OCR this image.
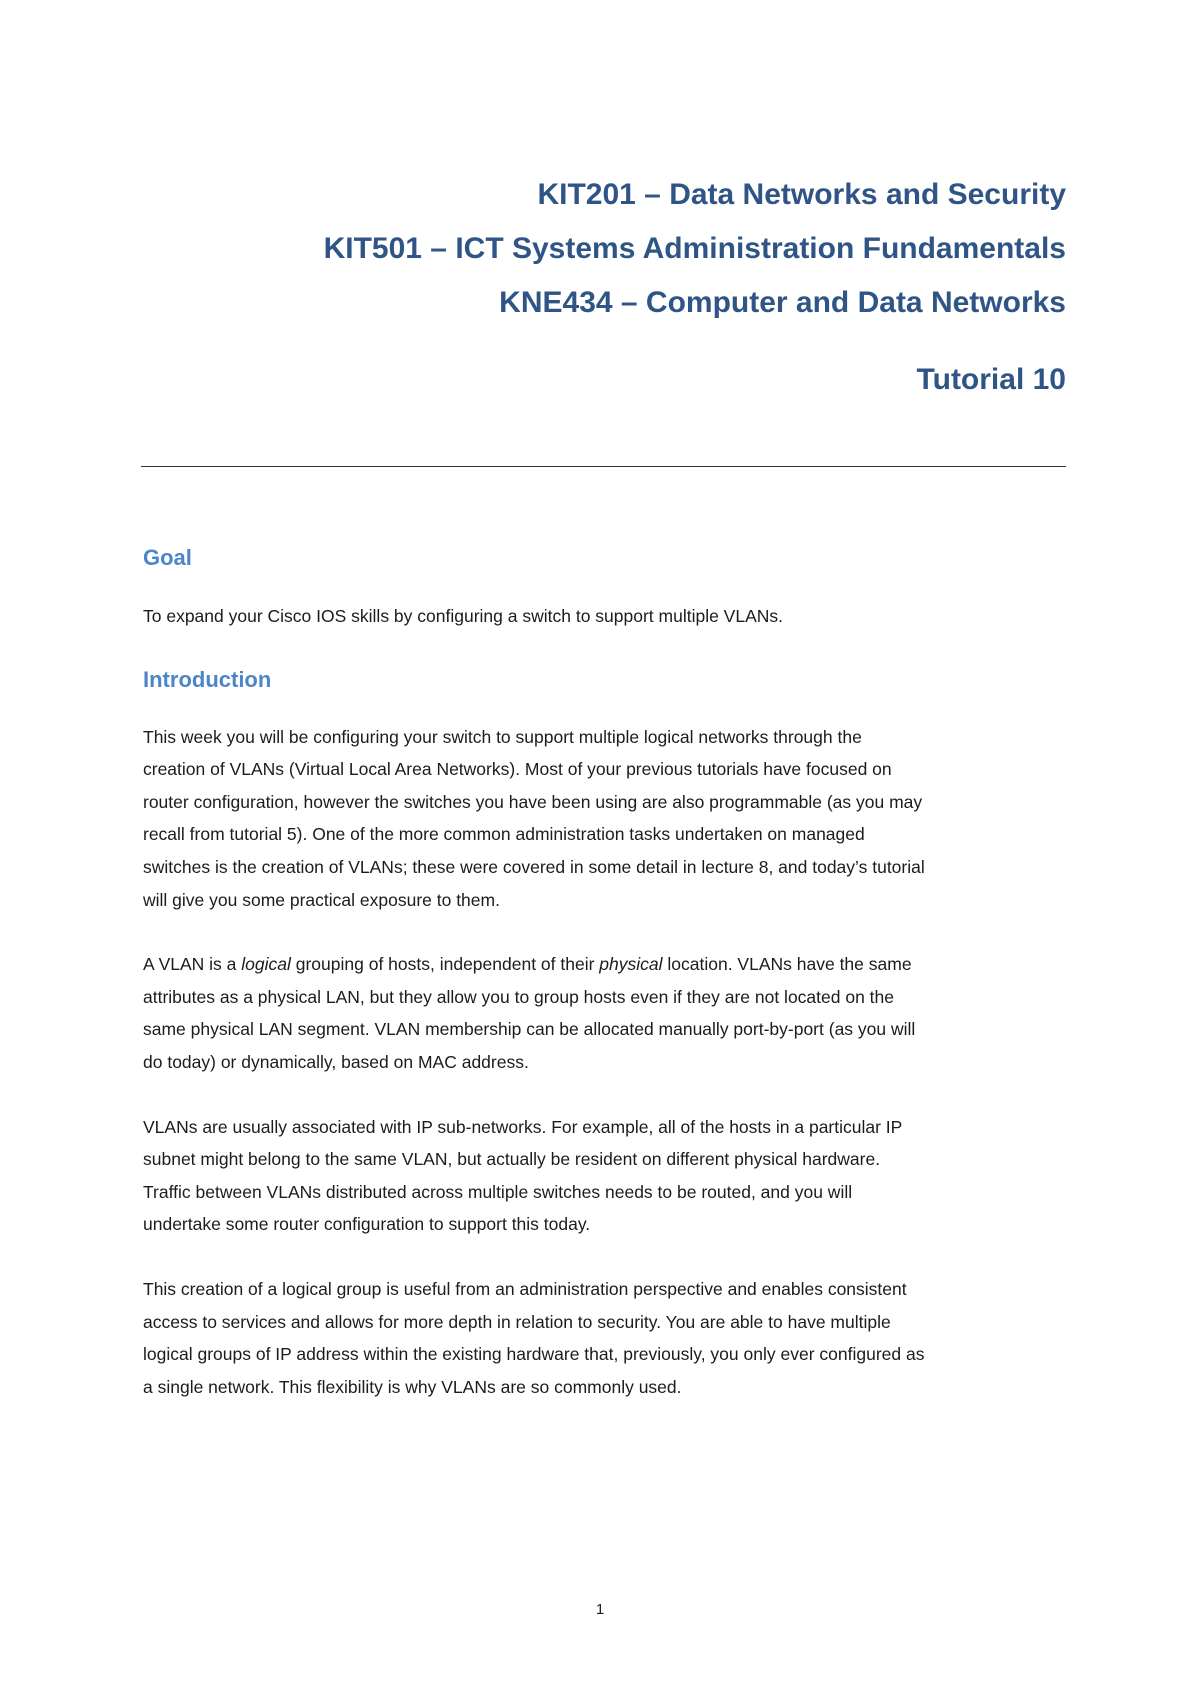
KIT201 – Data Networks and Security
KIT501 – ICT Systems Administration Fundamentals
KNE434 – Computer and Data Networks
Tutorial 10
Goal

To expand your Cisco IOS skills by configuring a switch to support multiple VLANs.

Introduction

This week you will be configuring your switch to support multiple logical networks through the
creation of VLANs (Virtual Local Area Networks). Most of your previous tutorials have focused on
router configuration, however the switches you have been using are also programmable (as you may
recall from tutorial 5). One of the more common administration tasks undertaken on managed
switches is the creation of VLANs; these were covered in some detail in lecture 8, and today’s tutorial
will give you some practical exposure to them.

A VLAN is a logical grouping of hosts, independent of their physical location. VLANs have the same
attributes as a physical LAN, but they allow you to group hosts even if they are not located on the
same physical LAN segment. VLAN membership can be allocated manually port-by-port (as you will
do today) or dynamically, based on MAC address.

VLANs are usually associated with IP sub-networks. For example, all of the hosts in a particular IP
subnet might belong to the same VLAN, but actually be resident on different physical hardware.
Traffic between VLANs distributed across multiple switches needs to be routed, and you will
undertake some router configuration to support this today.

This creation of a logical group is useful from an administration perspective and enables consistent
access to services and allows for more depth in relation to security. You are able to have multiple
logical groups of IP address within the existing hardware that, previously, you only ever configured as
a single network. This flexibility is why VLANs are so commonly used.

1
